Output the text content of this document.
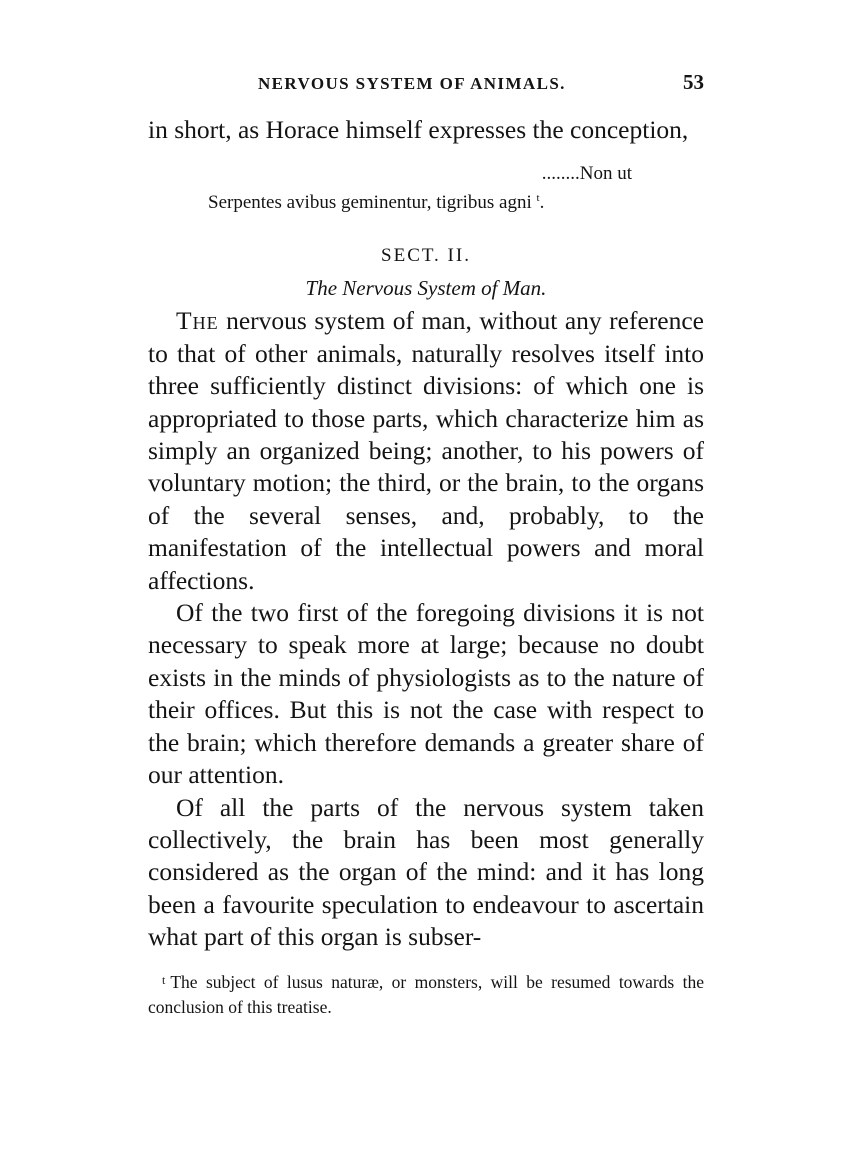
NERVOUS SYSTEM OF ANIMALS.	53

in short, as Horace himself expresses the conception,

........Non ut
Serpentes avibus geminentur, tigribus agni $^t$.
SECT. II.
The Nervous System of Man.

The nervous system of man, without any reference to that of other animals, naturally resolves itself into three sufficiently distinct divisions: of which one is appropriated to those parts, which characterize him as simply an organized being; another, to his powers of voluntary motion; the third, or the brain, to the organs of the several senses, and, probably, to the manifestation of the intellectual powers and moral affections.

Of the two first of the foregoing divisions it is not necessary to speak more at large; because no doubt exists in the minds of physiologists as to the nature of their offices. But this is not the case with respect to the brain; which therefore demands a greater share of our attention.

Of all the parts of the nervous system taken collectively, the brain has been most generally considered as the organ of the mind: and it has long been a favourite speculation to endeavour to ascertain what part of this organ is subser-

$^t$ The subject of lusus naturæ, or monsters, will be resumed towards the conclusion of this treatise.
